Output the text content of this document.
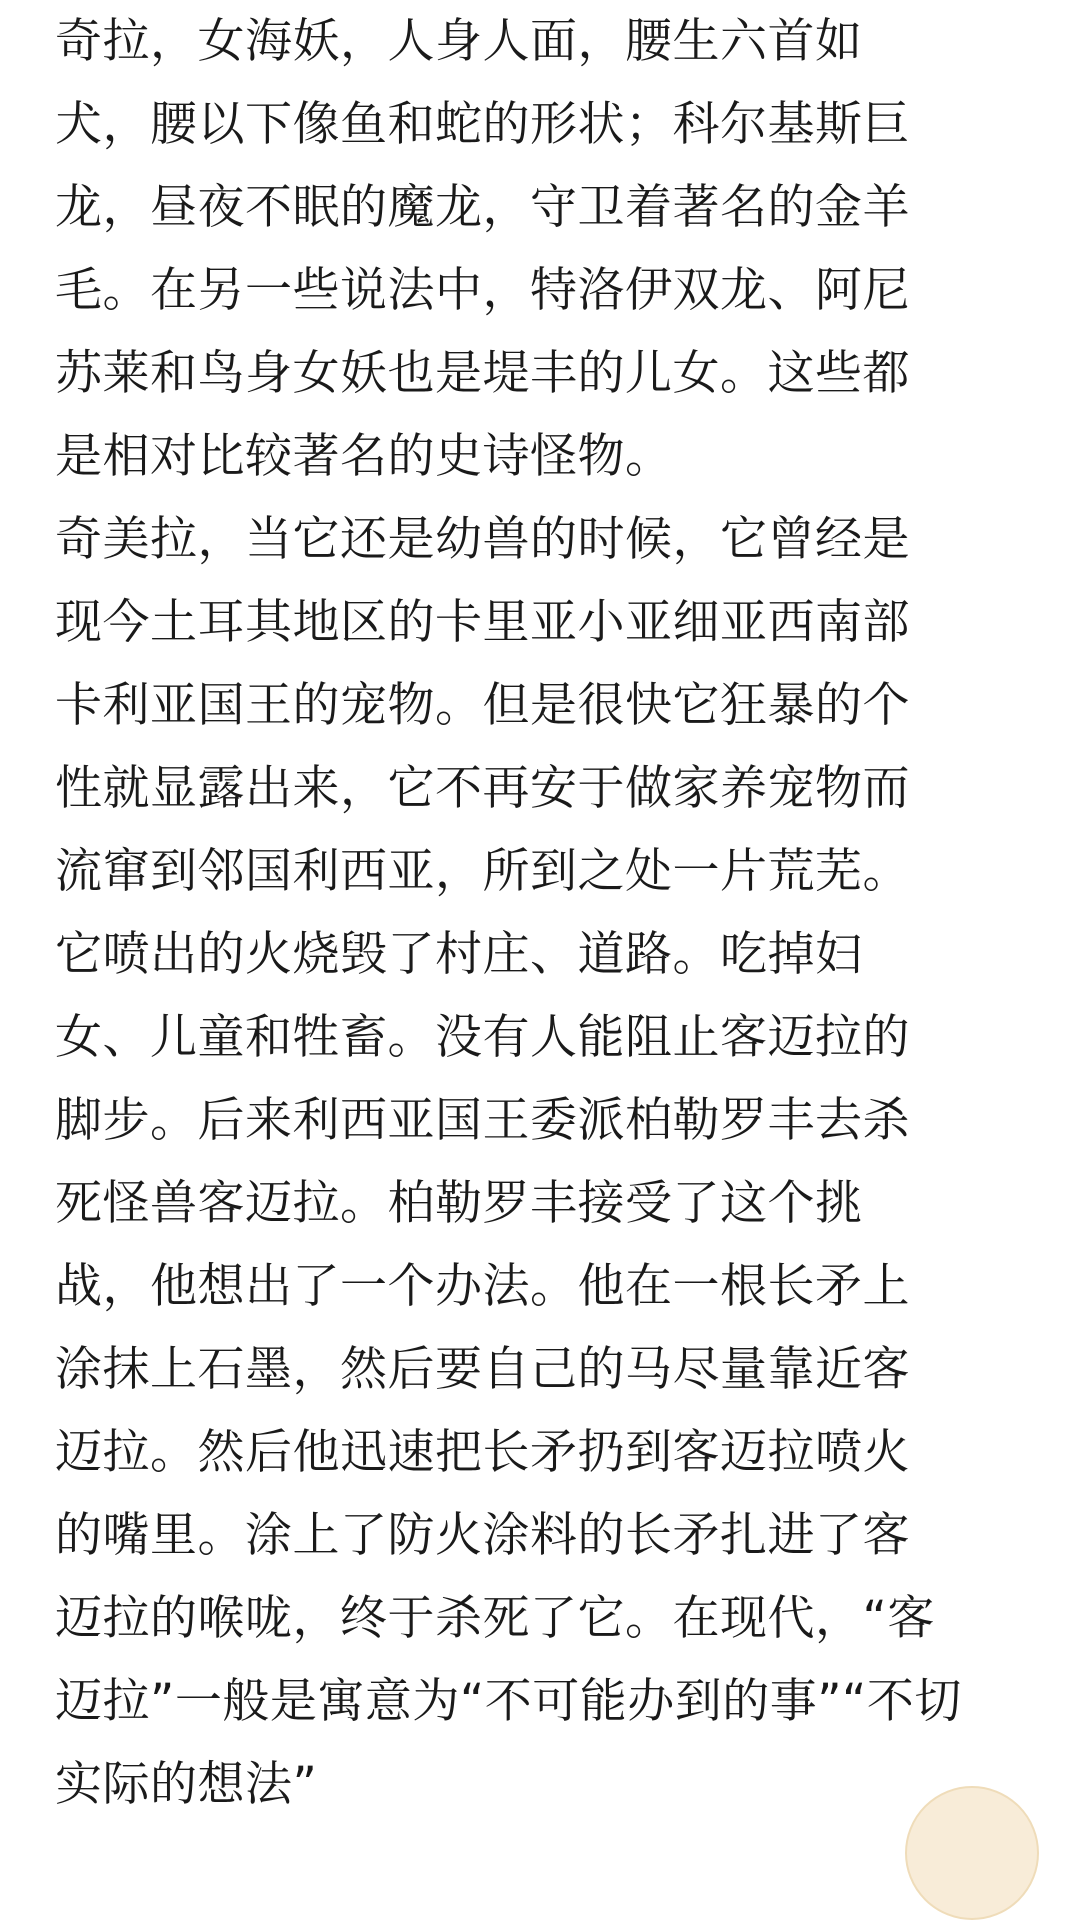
奇拉，女海妖，人身人面，腰生六首如
犬，腰以下像鱼和蛇的形状；科尔基斯巨
龙，昼夜不眠的魔龙，守卫着著名的金羊
毛。在另一些说法中，特洛伊双龙、阿尼
苏莱和鸟身女妖也是堤丰的儿女。这些都
是相对比较著名的史诗怪物。
奇美拉，当它还是幼兽的时候，它曾经是
现今土耳其地区的卡里亚小亚细亚西南部
卡利亚国王的宠物。但是很快它狂暴的个
性就显露出来，它不再安于做家养宠物而
流窜到邻国利西亚，所到之处一片荒芜。
它喷出的火烧毁了村庄、道路。吃掉妇
女、儿童和牲畜。没有人能阻止客迈拉的
脚步。后来利西亚国王委派柏勒罗丰去杀
死怪兽客迈拉。柏勒罗丰接受了这个挑
战，他想出了一个办法。他在一根长矛上
涂抹上石墨，然后要自己的马尽量靠近客
迈拉。然后他迅速把长矛扔到客迈拉喷火
的嘴里。涂上了防火涂料的长矛扎进了客
迈拉的喉咙，终于杀死了它。在现代，“客
迈拉”一般是寓意为“不可能办到的事”“不切
实际的想法”
